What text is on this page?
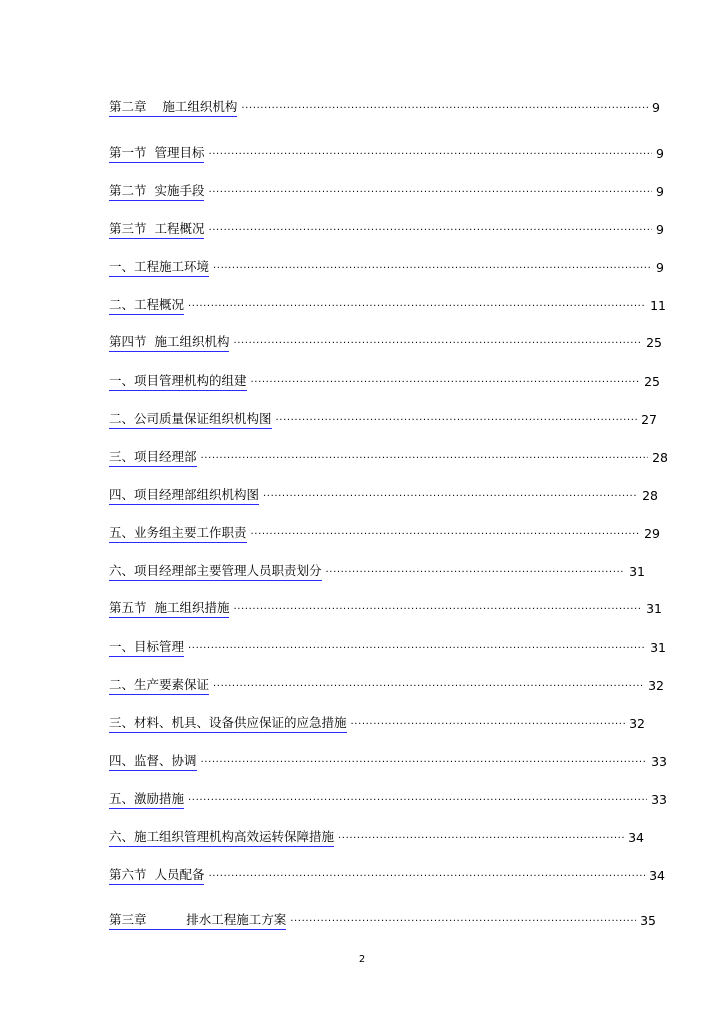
第二章    施工组织机构 .....	9
第一节  管理目标 .....	9
第二节  实施手段 .....	9
第三节  工程概况 .....	9
一、工程施工环境 .....	9
二、工程概况 .....	11
第四节  施工组织机构 .....	25
一、项目管理机构的组建 .....	25
二、公司质量保证组织机构图 .....	27
三、项目经理部 .....	28
四、项目经理部组织机构图 .....	28
五、业务组主要工作职责 .....	29
六、项目经理部主要管理人员职责划分 .....	31
第五节  施工组织措施 .....	31
一、目标管理 .....	31
二、生产要素保证 .....	32
三、材料、机具、设备供应保证的应急措施 .....	32
四、监督、协调 .....	33
五、激励措施 .....	33
六、施工组织管理机构高效运转保障措施 .....	34
第六节  人员配备 .....	34
第三章          排水工程施工方案 .....	35
2
